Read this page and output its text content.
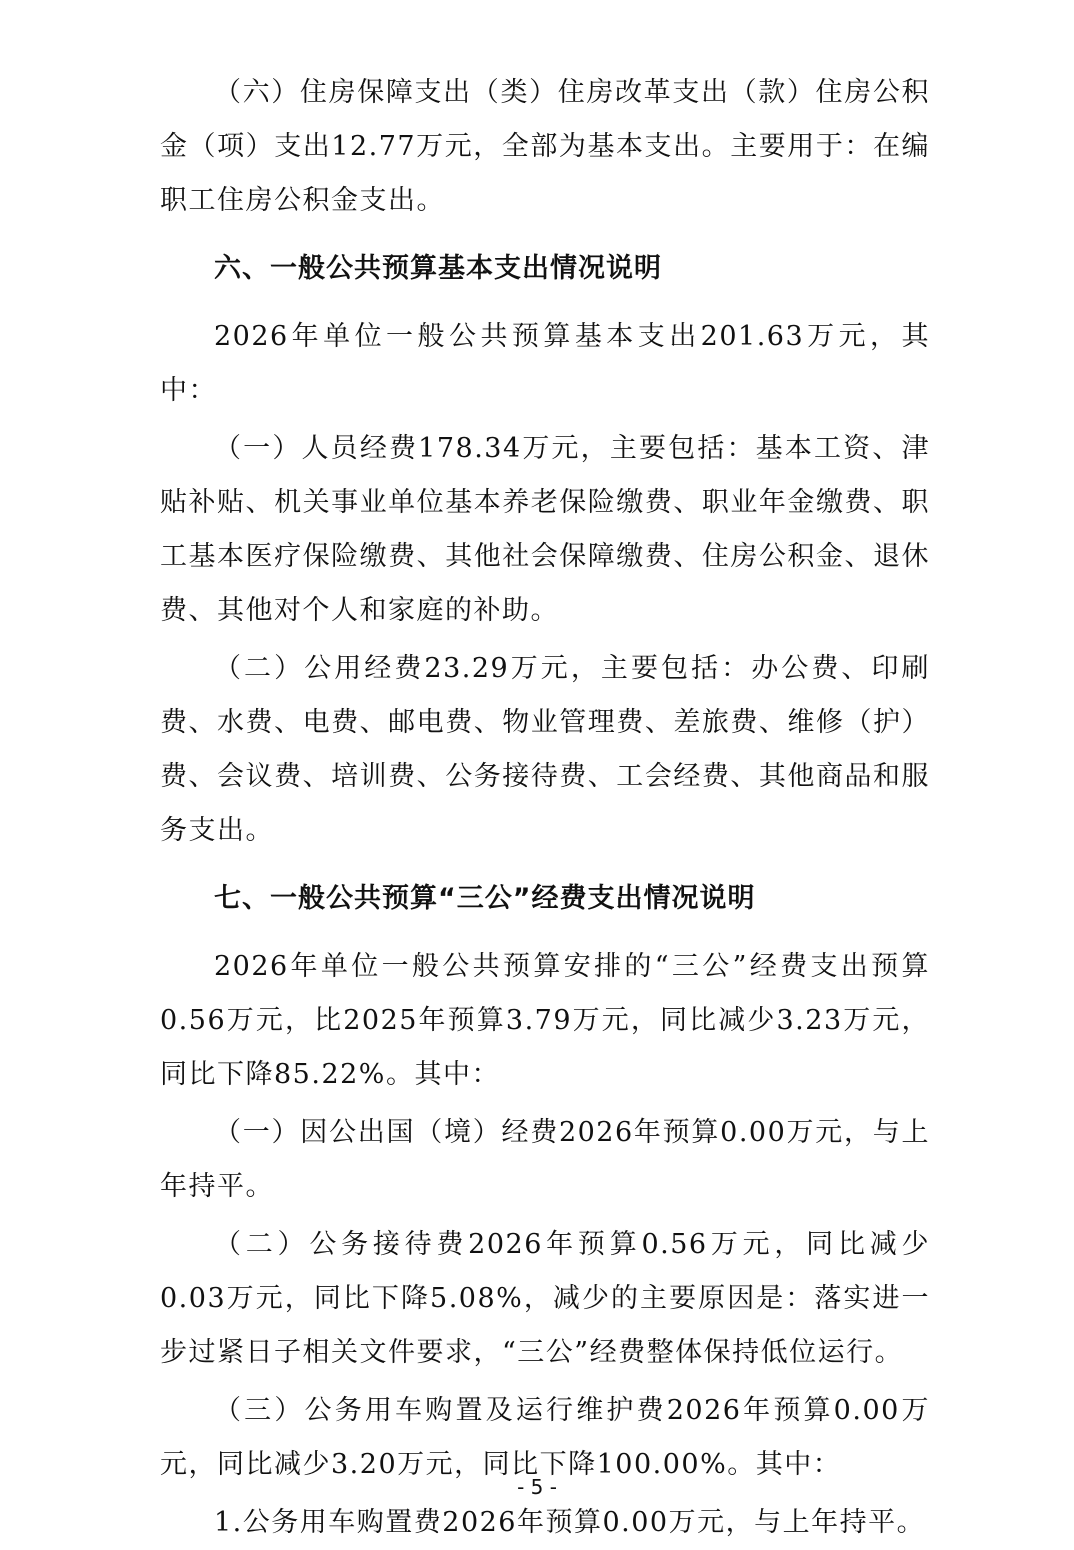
（六）住房保障支出（类）住房改革支出（款）住房公积金（项）支出12.77万元，全部为基本支出。主要用于：在编职工住房公积金支出。

六、一般公共预算基本支出情况说明

2026年单位一般公共预算基本支出201.63万元，其中：

（一）人员经费178.34万元，主要包括：基本工资、津贴补贴、机关事业单位基本养老保险缴费、职业年金缴费、职工基本医疗保险缴费、其他社会保障缴费、住房公积金、退休费、其他对个人和家庭的补助。

（二）公用经费23.29万元，主要包括：办公费、印刷费、水费、电费、邮电费、物业管理费、差旅费、维修（护）费、会议费、培训费、公务接待费、工会经费、其他商品和服务支出。

七、一般公共预算“三公”经费支出情况说明

2026年单位一般公共预算安排的“三公”经费支出预算0.56万元，比2025年预算3.79万元，同比减少3.23万元，同比下降85.22%。其中：

（一）因公出国（境）经费2026年预算0.00万元，与上年持平。

（二）公务接待费2026年预算0.56万元，同比减少0.03万元，同比下降5.08%，减少的主要原因是：落实进一步过紧日子相关文件要求，“三公”经费整体保持低位运行。

（三）公务用车购置及运行维护费2026年预算0.00万元，同比减少3.20万元，同比下降100.00%。其中：

1.公务用车购置费2026年预算0.00万元，与上年持平。

- 5 -
